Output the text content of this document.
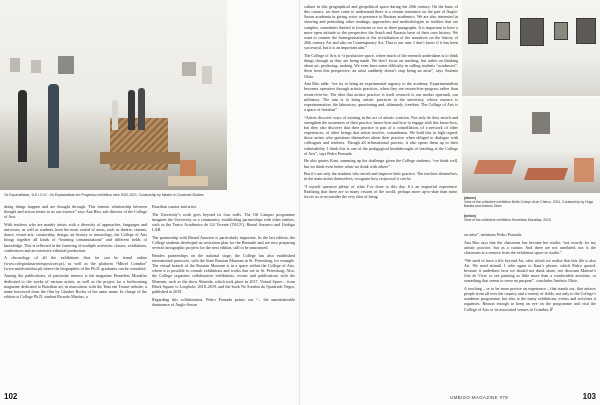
Os Espacialistas, ‘A.E.I.O.U.’. Os Espacialistas em Progresso exhibition view 2020-2021. Curatorship by Master in Curatorial Studies

doing things happen and are thought through. This enemic relationship between thought and action seems to us our essence” says Ana Rito, sub-director of the College of Arts.

With teachers who are mainly artists with a diversity of approaches, languages and universes, as well as students from the most varied of areas, such as theatre, cinema, dance, visual arts, curatorship, design, art history or museology, the College of Arts brings together all kinds of “learning contaminations” and different fields of knowledge. This is reflected in the fostering of multiple activities: classes, exhibitions, conferences and an extensive editorial production.

A chronology of all the exhibitions thus far can be found online (www.colegiodasartesexposicoes.pt), as well as the platform “Mitrel Coimbra” (www.mitelcoimbra.pt) where the biographies of the Ph.D. graduates can be consulted.

Among the publications, of particular interest is the magazine Homeless Monalisa dedicated to the works of various artists, as well as the project for a forthcoming magazine dedicated to Brazilian art, in association with the Tena em Transe website, a name borrowed from the film by Glauber Rocha of the same name. In charge of the edition is College Ph.D. student Ricardo Martins, a

Brazilian curator and artist.

The University’s work goes beyond its four walls. The Off Campus programme imagines the University as a community, establishing partnerships with other entities, such as the Teatro Académico de Gil Vicente (TAGV), Bienal Anozero and Umbigo LAB.

The partnership with Bienal Anozero is particularly important. In the last edition, the College students developed an activation plan for the Biennale and are now preparing several cartographic projects for the next edition, still to be announced.

Besides partnerships on the national stage, the College has also established international protocols, with the State Russian Museum in St. Petersburg, for example. The virtual branch of the Russian Museum is in a space within the College of Arts, where it is possible to consult exhibitions and works that are in St. Petersburg. Also, the College organises collaborative exhibitions, events and publications with the Museum, such as the show Almeida, which took place in 2017, Virtual Space – from Black Square to Loophole, 2018–2019, and the book No Sombra do Quadrado Negro, published in 2019.

Regarding this collaboration, Pedro Pousada points out “... the unmistakeable dominance of Anglo-Saxon

102

culture in this geographical and geopolitical space during the 20th century. On the basis of this contact, we have come to understand there is a certain resistance on the part of Anglo-Saxon academia in giving voice or presence to Russian academics. We are also interested in showing and permitting other readings, approaches and methodologies to realities that are complex, sometimes limited to footnotes or two or three paragraphs. It is important to have a more open attitude to the perspective the South and Eurasia have of their own history. We want to counter the homogenisation or the trivialisation of the narratives on the history of 20th century Art and also on Contemporary Art. That is our aim; I don’t know if it has been successful, but it is an important aim.”

The College of Arts is “a productive space, where much of the research undertaken is to think things through as they are being made. We don’t focus on teaching, but rather on thinking about art, producing, making. We even have some difficulty in calling students “academics”. Seen from this perspective, an artist suddenly doesn’t stop being an artist”, says António Olaio.

Ana Rito adds: “we try to bring an experimental urgency to the academy. Experimentalism becomes operative through artistic practices, when they are research-in-progress rather than research-to-be. The idea that artistic practice is itself research is our modus operandi, our militancy. The aim is to bring artistic practices to the university, whose essence is experimentation, the laboratory, questioning and, ultimately, freedom. The College of Arts is a space of freedom”.

“Artists discover ways of existing in the act of artistic creation. Not only do they enrich and strengthen the awareness of their practice, know-how and how to engage with this know-how, but they also discover that their practice is part of a constellation, of a network of other experiences, of other beings that artists involve, conundrums. We hold this in high regard: those artists who questions themselves about their practice when obliged to dialogue with colleagues and teachers. Though all affirmational process, it also opens them up to their vulnerability. I think this is one of the pedagogical breakthroughs of teaching at the College of Arts”, says Pedro Pousada.

He also quotes Kant, summing up the challenge given the College students: “we think well, but we think even better when we think with others”.

But it’s not only the students who enrich and improve their practice. The teachers themselves, in the main artists themselves, recognise how reciprocal it can be.

“I myself question plenty of what I’ve done to this day. It’s an impactful experience. Realising that there are so many visions of the world, perhaps more up-to-date than mine, forces us to reconsider the very idea of being	(above)
View of the collective exhibition Nella Coleçe di de Chirico, 2021. Curatorship by Hugo Barata and António Olaio
(below)
View of the collective exhibition Homeless Monalisa, 2019

an artist”, mentions Pedro Pousada.

Ana Rito says that the classroom has become her studio, “not exactly for my artistic practice, but as a curator. And there are not unrelated, nor is the classroom at a remove from the exhibition space or studio.”

“We need to have a life beyond Art, after which we realise that this life is also Art. We need stimuli. I refer again to Kant’s phrase, which Pedro quoted, because it underlines how we should not think alone, nor discount Matisse’s Joie de Vivre or see painting as little more than a comfortable armchair, or something that seems to serve no purpose”, concludes António Olaio.

A teaching – or to be more precise an experience – that stands out, that attracts people from all over the country and a variety of fields, not only to the College’s academic programme, but also to the many exhibitions, events and activities it organises. Reason enough to keep an eye on the programme and visit the College of Arts or its associated venues in Coimbra. //

UMBIGO MAGAZINE #78	103
